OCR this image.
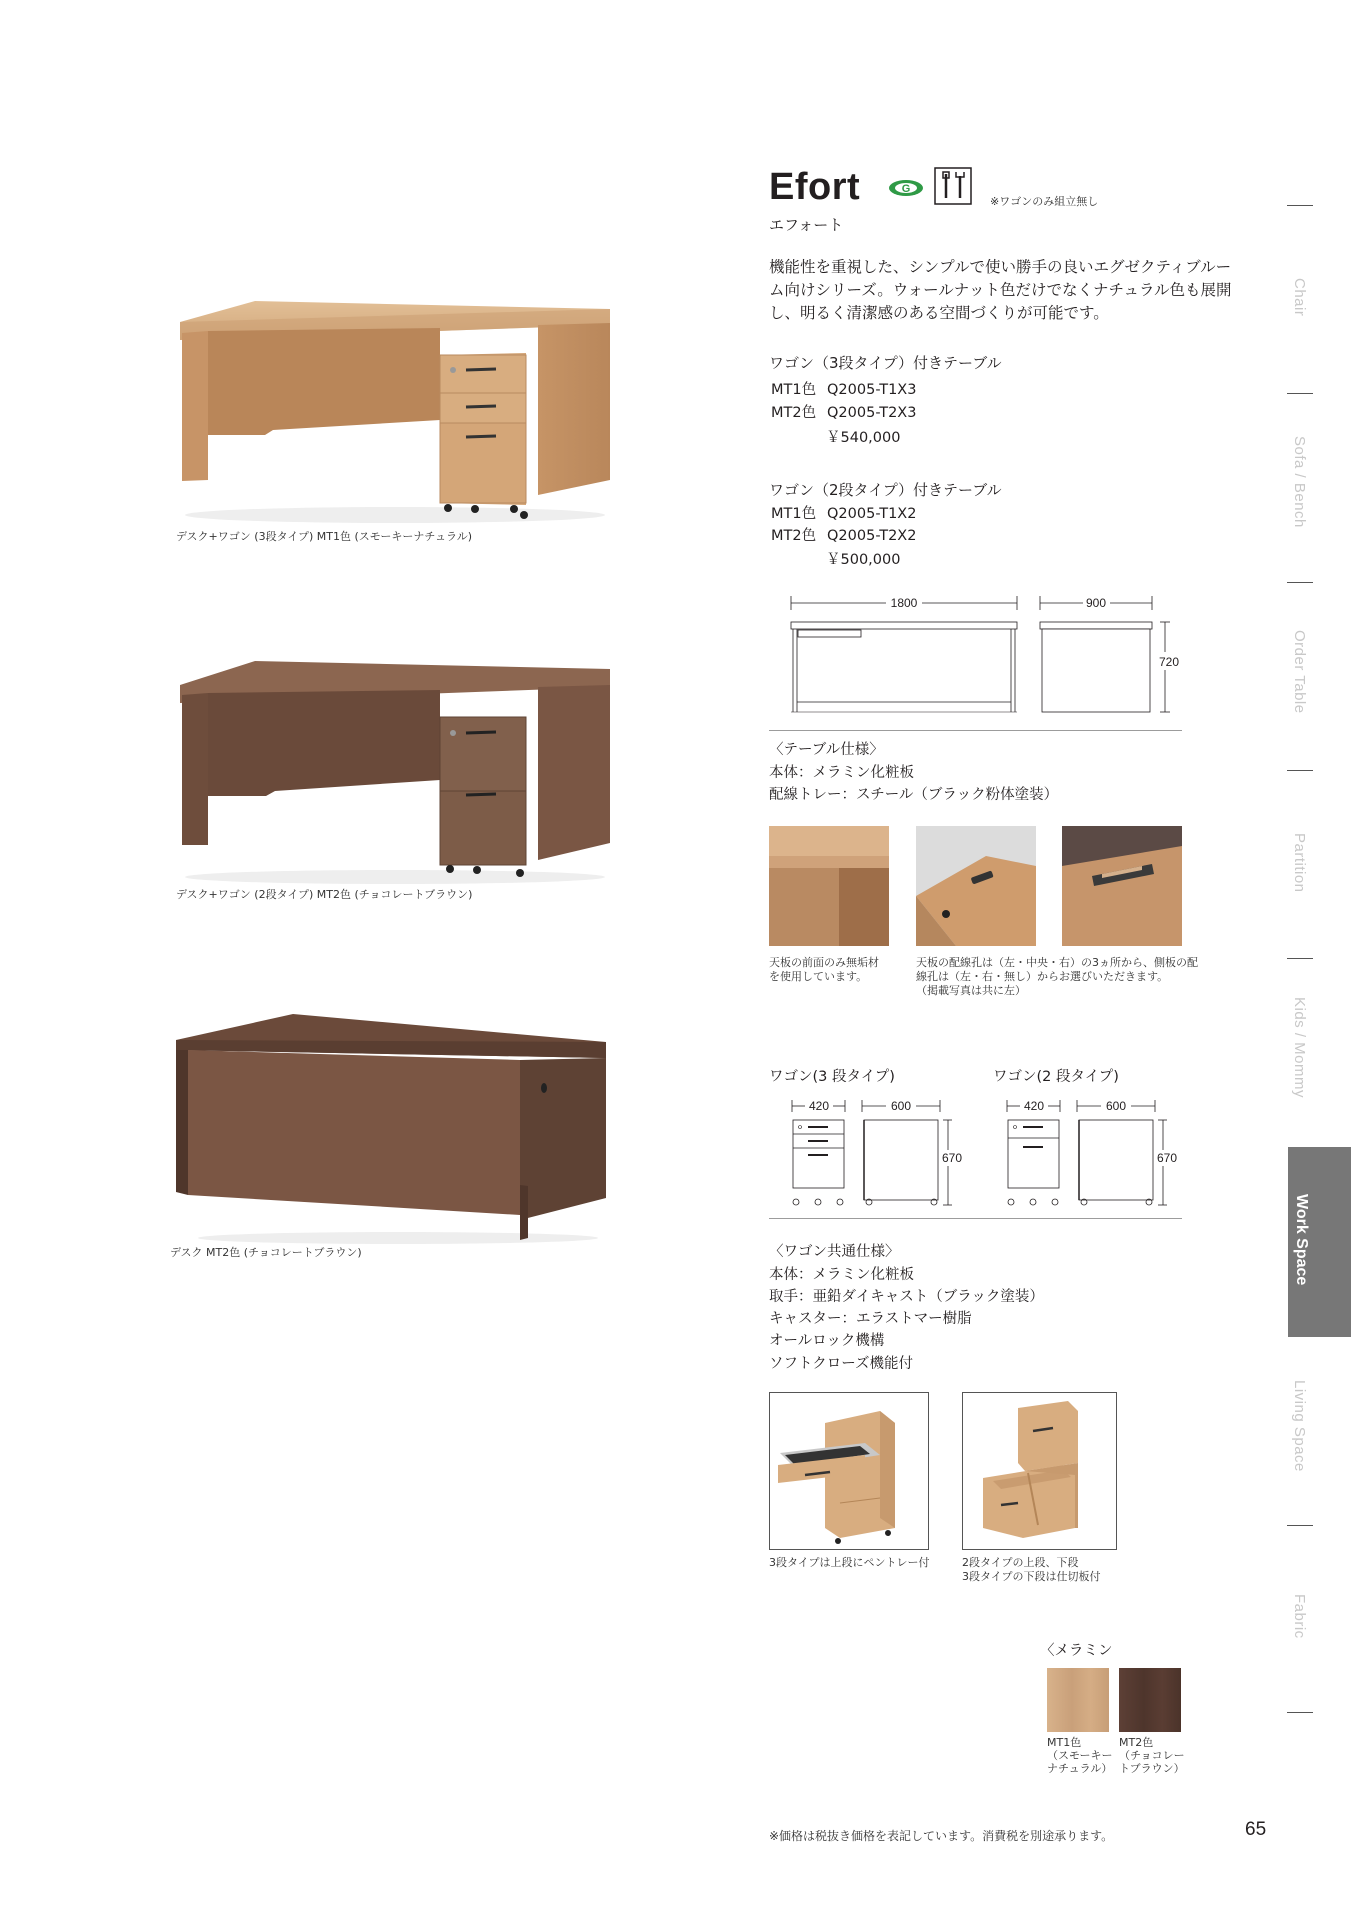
デスク+ワゴン (3段タイプ) MT1色 (スモーキーナチュラル)
デスク+ワゴン (2段タイプ) MT2色 (チョコレートブラウン)
デスク MT2色 (チョコレートブラウン)
Efort	G
※ワゴンのみ組立無し
エフォート
機能性を重視した、シンプルで使い勝手の良いエグゼクティブルーム向けシリーズ。ウォールナット色だけでなくナチュラル色も展開し、明るく清潔感のある空間づくりが可能です。
ワゴン（3段タイプ）付きテーブル
MT1色 Q2005-T1X3
MT2色 Q2005-T2X3
￥540,000
ワゴン（2段タイプ）付きテーブル
MT1色 Q2005-T1X2
MT2色 Q2005-T2X2
￥500,000
1800	900
720
〈テーブル仕様〉
本体：メラミン化粧板
配線トレー：スチール（ブラック粉体塗装）
天板の前面のみ無垢材
を使用しています。
天板の配線孔は（左・中央・右）の3ヵ所から、側板の配
線孔は（左・右・無し）からお選びいただきます。
（掲載写真は共に左）
ワゴン(3 段タイプ)	ワゴン(2 段タイプ)
420	600
670
420	600
670
〈ワゴン共通仕様〉
本体：メラミン化粧板
取手：亜鉛ダイキャスト（ブラック塗装）
キャスター：エラストマー樹脂
オールロック機構
ソフトクローズ機能付
3段タイプは上段にペントレー付	2段タイプの上段、下段
3段タイプの下段は仕切板付
〈メラミン
MT1色
（スモーキー
ナチュラル）
MT2色
（チョコレー
トブラウン）
Chair
Sofa / Bench
Order Table
Partition
Kids / Mommy
Work Space
Living Space
Fabric
※価格は税抜き価格を表記しています。消費税を別途承ります。	65
